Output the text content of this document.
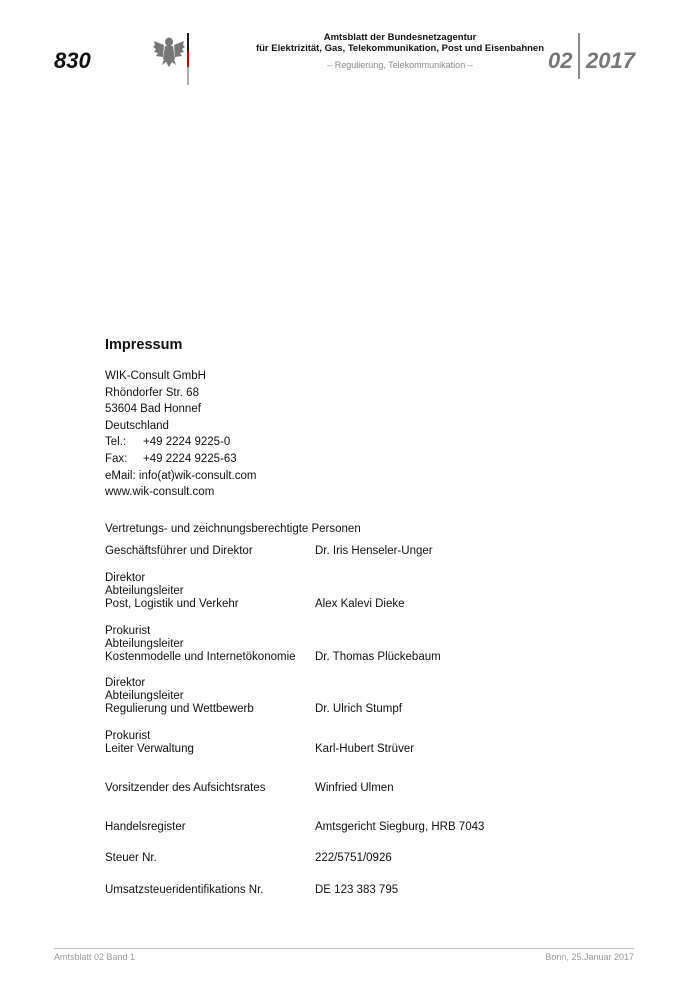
830
Amtsblatt der Bundesnetzagentur
für Elektrizität, Gas, Telekommunikation, Post und Eisenbahnen
– Regulierung, Telekommunikation –	02 2017
Impressum
WIK-Consult GmbH
Rhöndorfer Str. 68
53604 Bad Honnef
Deutschland
Tel.:	+49 2224 9225-0
Fax:	+49 2224 9225-63
eMail:
info(at)wik-consult.com
www.wik-consult.com
Vertretungs- und zeichnungsberechtigte Personen
Geschäftsführer und Direktor	Dr. Iris Henseler-Unger
Direktor
Abteilungsleiter
Post, Logistik und Verkehr	Alex Kalevi Dieke
Prokurist
Abteilungsleiter
Kostenmodelle und Internetökonomie	Dr. Thomas Plückebaum
Direktor
Abteilungsleiter
Regulierung und Wettbewerb	Dr. Ulrich Stumpf
Prokurist
Leiter Verwaltung	Karl-Hubert Strüver
Vorsitzender des Aufsichtsrates	Winfried Ulmen
Handelsregister	Amtsgericht Siegburg, HRB 7043
Steuer Nr.	222/5751/0926
Umsatzsteueridentifikations Nr.	DE 123 383 795
Amtsblatt 02 Band 1	Bonn, 25.Januar 2017
